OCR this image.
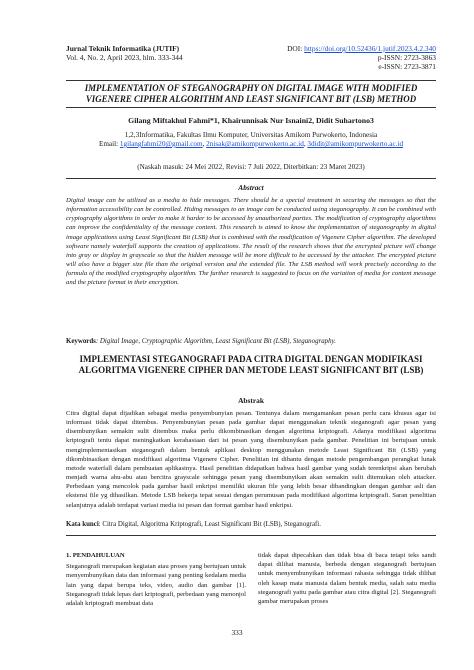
Jurnal Teknik Informatika (JUTIF)
Vol. 4, No. 2, April 2023, hlm. 333-344
DOI: https://doi.org/10.52436/1.jutif.2023.4.2.340
p-ISSN: 2723-3863
e-ISSN: 2723-3871
IMPLEMENTATION OF STEGANOGRAPHY ON DIGITAL IMAGE WITH MODIFIED VIGENERE CIPHER ALGORITHM AND LEAST SIGNIFICANT BIT (LSB) METHOD
Gilang Miftakhul Fahmi*1, Khairunnisak Nur Isnaini2, Didit Suhartono3
1,2,3Informatika, Fakultas Ilmu Komputer, Universitas Amikom Purwokerto, Indonesia
Email: 1gilangfahmi20@gmail.com, 2nisak@amikompurwokerto.ac.id, 3didit@amikompurwokerto.ac.id
(Naskah masuk: 24 Mei 2022, Revisi: 7 Juli 2022, Diterbitkan: 23 Maret 2023)
Abstract

Digital image can be utilized as a media to hide messages. There should be a special treatment in securing the messages so that the information accessibility can be controlled. Hiding messages to an image can be conducted using steganography. It can be combined with cryptography algorithms in order to make it harder to be accessed by unauthorized parties. The modification of cryptography algorithms can improve the confidentiality of the message content. This research is aimed to know the implementation of steganography in digital image applications using Least Significant Bit (LSB) that is combined with the modification of Vigenere Cipher algorithm. The developed software namely waterfall supports the creation of applications. The result of the research shows that the encrypted picture will change into gray or display in grayscale so that the hidden message will be more difficult to be accessed by the attacker. The encrypted picture will also have a bigger size file than the original version and the extended file. The LSB method will work precisely according to the formula of the modified cryptography algorithm. The further research is suggested to focus on the variation of media for content message and the picture format in their encryption.

Keywords: Digital Image, Cryptographic Algorithm, Least Significant Bit (LSB), Steganography.
IMPLEMENTASI STEGANOGRAFI PADA CITRA DIGITAL DENGAN MODIFIKASI ALGORITMA VIGENERE CIPHER DAN METODE LEAST SIGNIFICANT BIT (LSB)
Abstrak

Citra digital dapat dijadikan sebagai media penyembunyian pesan. Tentunya dalam mengamankan pesan perlu cara khusus agar isi informasi tidak dapat ditembus. Penyembunyian pesan pada gambar dapat menggunakan teknik steganografi agar pesan yang disembunyikan semakin sulit ditembus maka perlu dikombinasikan dengan algoritma kriptografi. Adanya modifikasi algoritma kriptografi tentu dapat meningkatkan kerahasiaan dari isi pesan yang disembunyikan pada gambar. Penelitian ini bertujuan untuk mengimplementasikan steganografi dalam bentuk aplikasi desktop menggunakan metode Least Significant Bit (LSB) yang dikombinasikan dengan modifikasi algoritma Vigenere Cipher. Penelitian ini dibantu dengan metode pengembangan perangkat lunak metode waterfall dalam pembuatan aplikasinya. Hasil penelitian didapatkan bahwa hasil gambar yang sudah terenkripsi akan berubah menjadi warna abu-abu atau bercitra grayscale sehingga pesan yang disembunyikan akan semakin sulit ditemukan oleh attacker. Perbedaan yang mencolok pada gambar hasil enkripsi memiliki ukuran file yang lebih besar dibandingkan dengan gambar asli dan ekstensi file yg dihasilkan. Metode LSB bekerja tepat sesuai dengan perumusan pada modifikasi algoritma kriptografi. Saran penelitian selanjutnya adalah terdapat variasi media isi pesan dan format gambar hasil enkripsi.

Kata kunci: Citra Digital, Algoritma Kriptografi, Least Significant Bit (LSB), Steganografi.
1. PENDAHULUAN

Steganografi merupakan kegiatan atau proses yang bertujuan untuk menyembunyikan data dan informasi yang penting kedalam media lain yang dapat berupa teks, video, audio dan gambar [1]. Steganografi tidak lepas dari kriptografi, perbedaan yang menonjol adalah kriptografi membuat data

tidak dapat dipecahkan dan tidak bisa di baca tetapi teks sandi dapat dilihat manusia, berbeda dengan steganografi bertujuan untuk menyembunyikan informasi rahasia sehingga tidak dilihat oleh kasap mata manusia dalam bentuk media, salah satu media steganografi yaitu pada gambar atau citra digital [2]. Steganografi gambar merupakan proses

333
